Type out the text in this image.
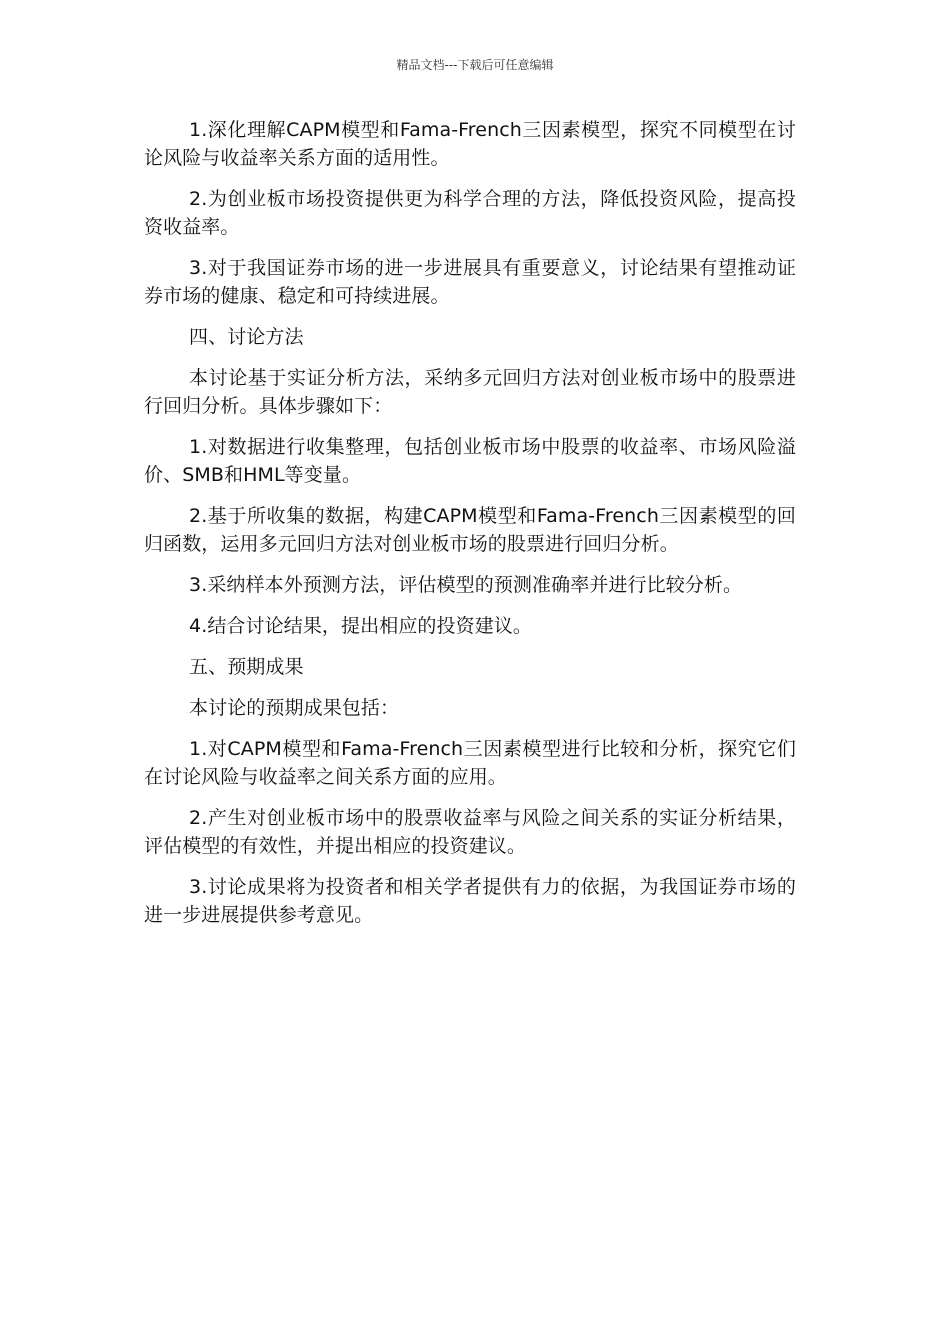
精品文档---下载后可任意编辑

1.深化理解CAPM模型和Fama-French三因素模型，探究不同模型在讨论风险与收益率关系方面的适用性。

2.为创业板市场投资提供更为科学合理的方法，降低投资风险，提高投资收益率。

3.对于我国证券市场的进一步进展具有重要意义，讨论结果有望推动证券市场的健康、稳定和可持续进展。

四、讨论方法

本讨论基于实证分析方法，采纳多元回归方法对创业板市场中的股票进行回归分析。具体步骤如下：

1.对数据进行收集整理，包括创业板市场中股票的收益率、市场风险溢价、SMB和HML等变量。

2.基于所收集的数据，构建CAPM模型和Fama-French三因素模型的回归函数，运用多元回归方法对创业板市场的股票进行回归分析。

3.采纳样本外预测方法，评估模型的预测准确率并进行比较分析。

4.结合讨论结果，提出相应的投资建议。

五、预期成果

本讨论的预期成果包括：

1.对CAPM模型和Fama-French三因素模型进行比较和分析，探究它们在讨论风险与收益率之间关系方面的应用。

2.产生对创业板市场中的股票收益率与风险之间关系的实证分析结果，评估模型的有效性，并提出相应的投资建议。

3.讨论成果将为投资者和相关学者提供有力的依据，为我国证券市场的进一步进展提供参考意见。
